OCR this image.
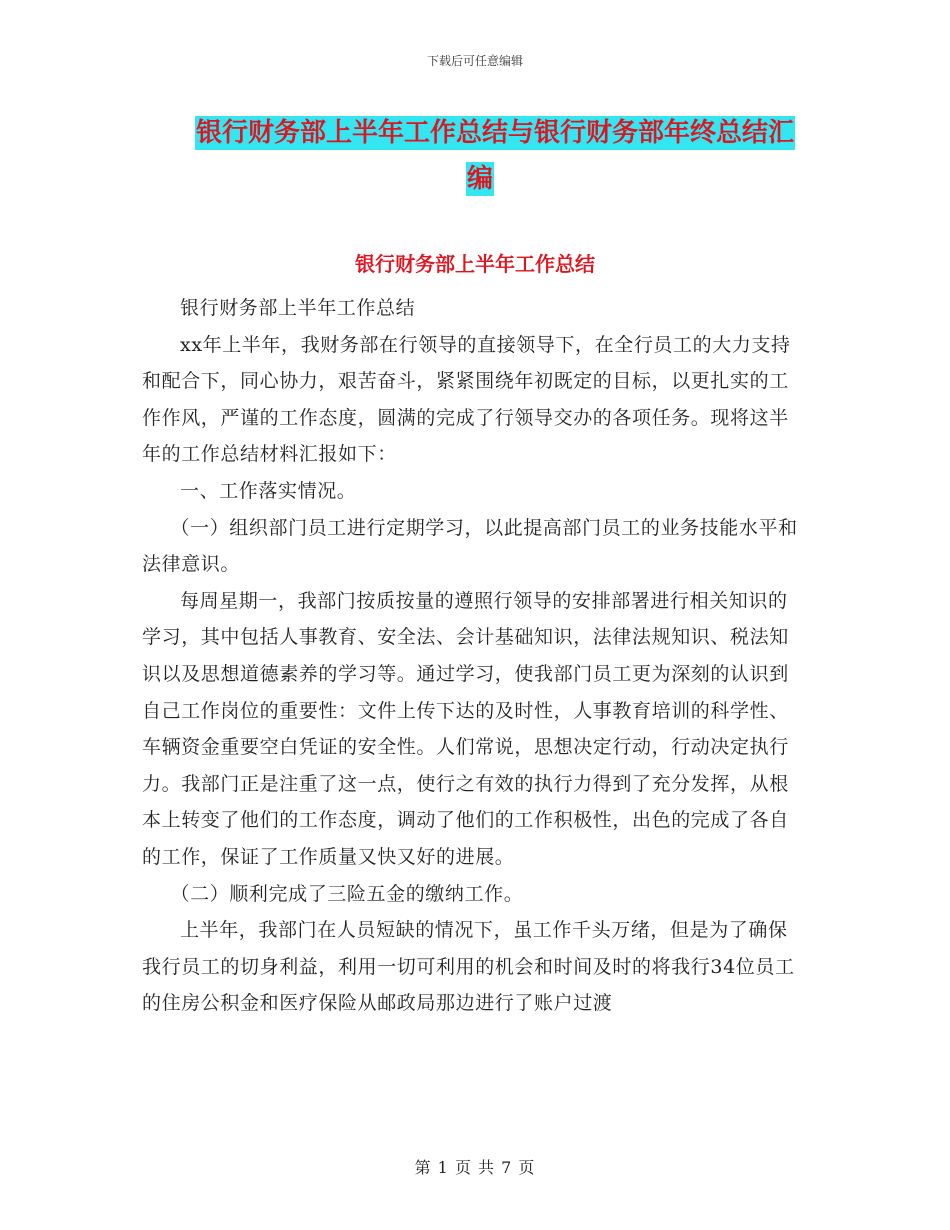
下载后可任意编辑
银行财务部上半年工作总结与银行财务部年终总结汇
编
银行财务部上半年工作总结

银行财务部上半年工作总结

xx年上半年，我财务部在行领导的直接领导下，在全行员工的大力支持和配合下，同心协力，艰苦奋斗，紧紧围绕年初既定的目标，以更扎实的工作作风，严谨的工作态度，圆满的完成了行领导交办的各项任务。现将这半年的工作总结材料汇报如下：

一、工作落实情况。

（一）组织部门员工进行定期学习，以此提高部门员工的业务技能水平和法律意识。

每周星期一，我部门按质按量的遵照行领导的安排部署进行相关知识的学习，其中包括人事教育、安全法、会计基础知识，法律法规知识、税法知识以及思想道德素养的学习等。通过学习，使我部门员工更为深刻的认识到自己工作岗位的重要性：文件上传下达的及时性，人事教育培训的科学性、车辆资金重要空白凭证的安全性。人们常说，思想决定行动，行动决定执行力。我部门正是注重了这一点，使行之有效的执行力得到了充分发挥，从根本上转变了他们的工作态度，调动了他们的工作积极性，出色的完成了各自的工作，保证了工作质量又快又好的进展。

（二）顺利完成了三险五金的缴纳工作。

上半年，我部门在人员短缺的情况下，虽工作千头万绪，但是为了确保我行员工的切身利益，利用一切可利用的机会和时间及时的将我行34位员工的住房公积金和医疗保险从邮政局那边进行了账户过渡

第 1 页 共 7 页
